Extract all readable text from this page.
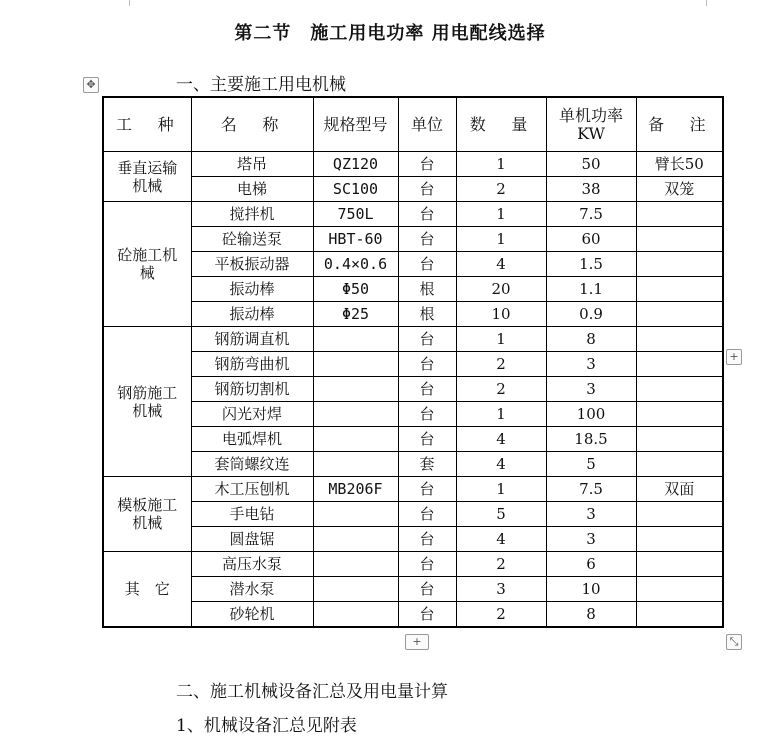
第二节　施工用电功率 用电配线选择
✥	一、主要施工用电机械
工　种	名　称	规格型号	单位	数　量	单机功率KW	备　注
垂直运输机械	塔吊	QZ120	台	1	50	臂长50
	电梯	SC100	台	2	38	双笼
砼施工机械	搅拌机	750L	台	1	7.5	
	砼输送泵	HBT-60	台	1	60	
	平板振动器	0.4×0.6	台	4	1.5	
	振动棒	Φ50	根	20	1.1	
	振动棒	Φ25	根	10	0.9	
钢筋施工机械	钢筋调直机		台	1	8	
	钢筋弯曲机		台	2	3	
	钢筋切割机		台	2	3	
	闪光对焊		台	1	100	
	电弧焊机		台	4	18.5	
	套筒螺纹连		套	4	5	
模板施工机械	木工压刨机	MB206F	台	1	7.5	双面
	手电钻		台	5	3	
	圆盘锯		台	4	3	
其　它	高压水泵		台	2	6	
	潜水泵		台	3	10	
	砂轮机		台	2	8	
+
+	⤡
二、施工机械设备汇总及用电量计算
1、机械设备汇总见附表
